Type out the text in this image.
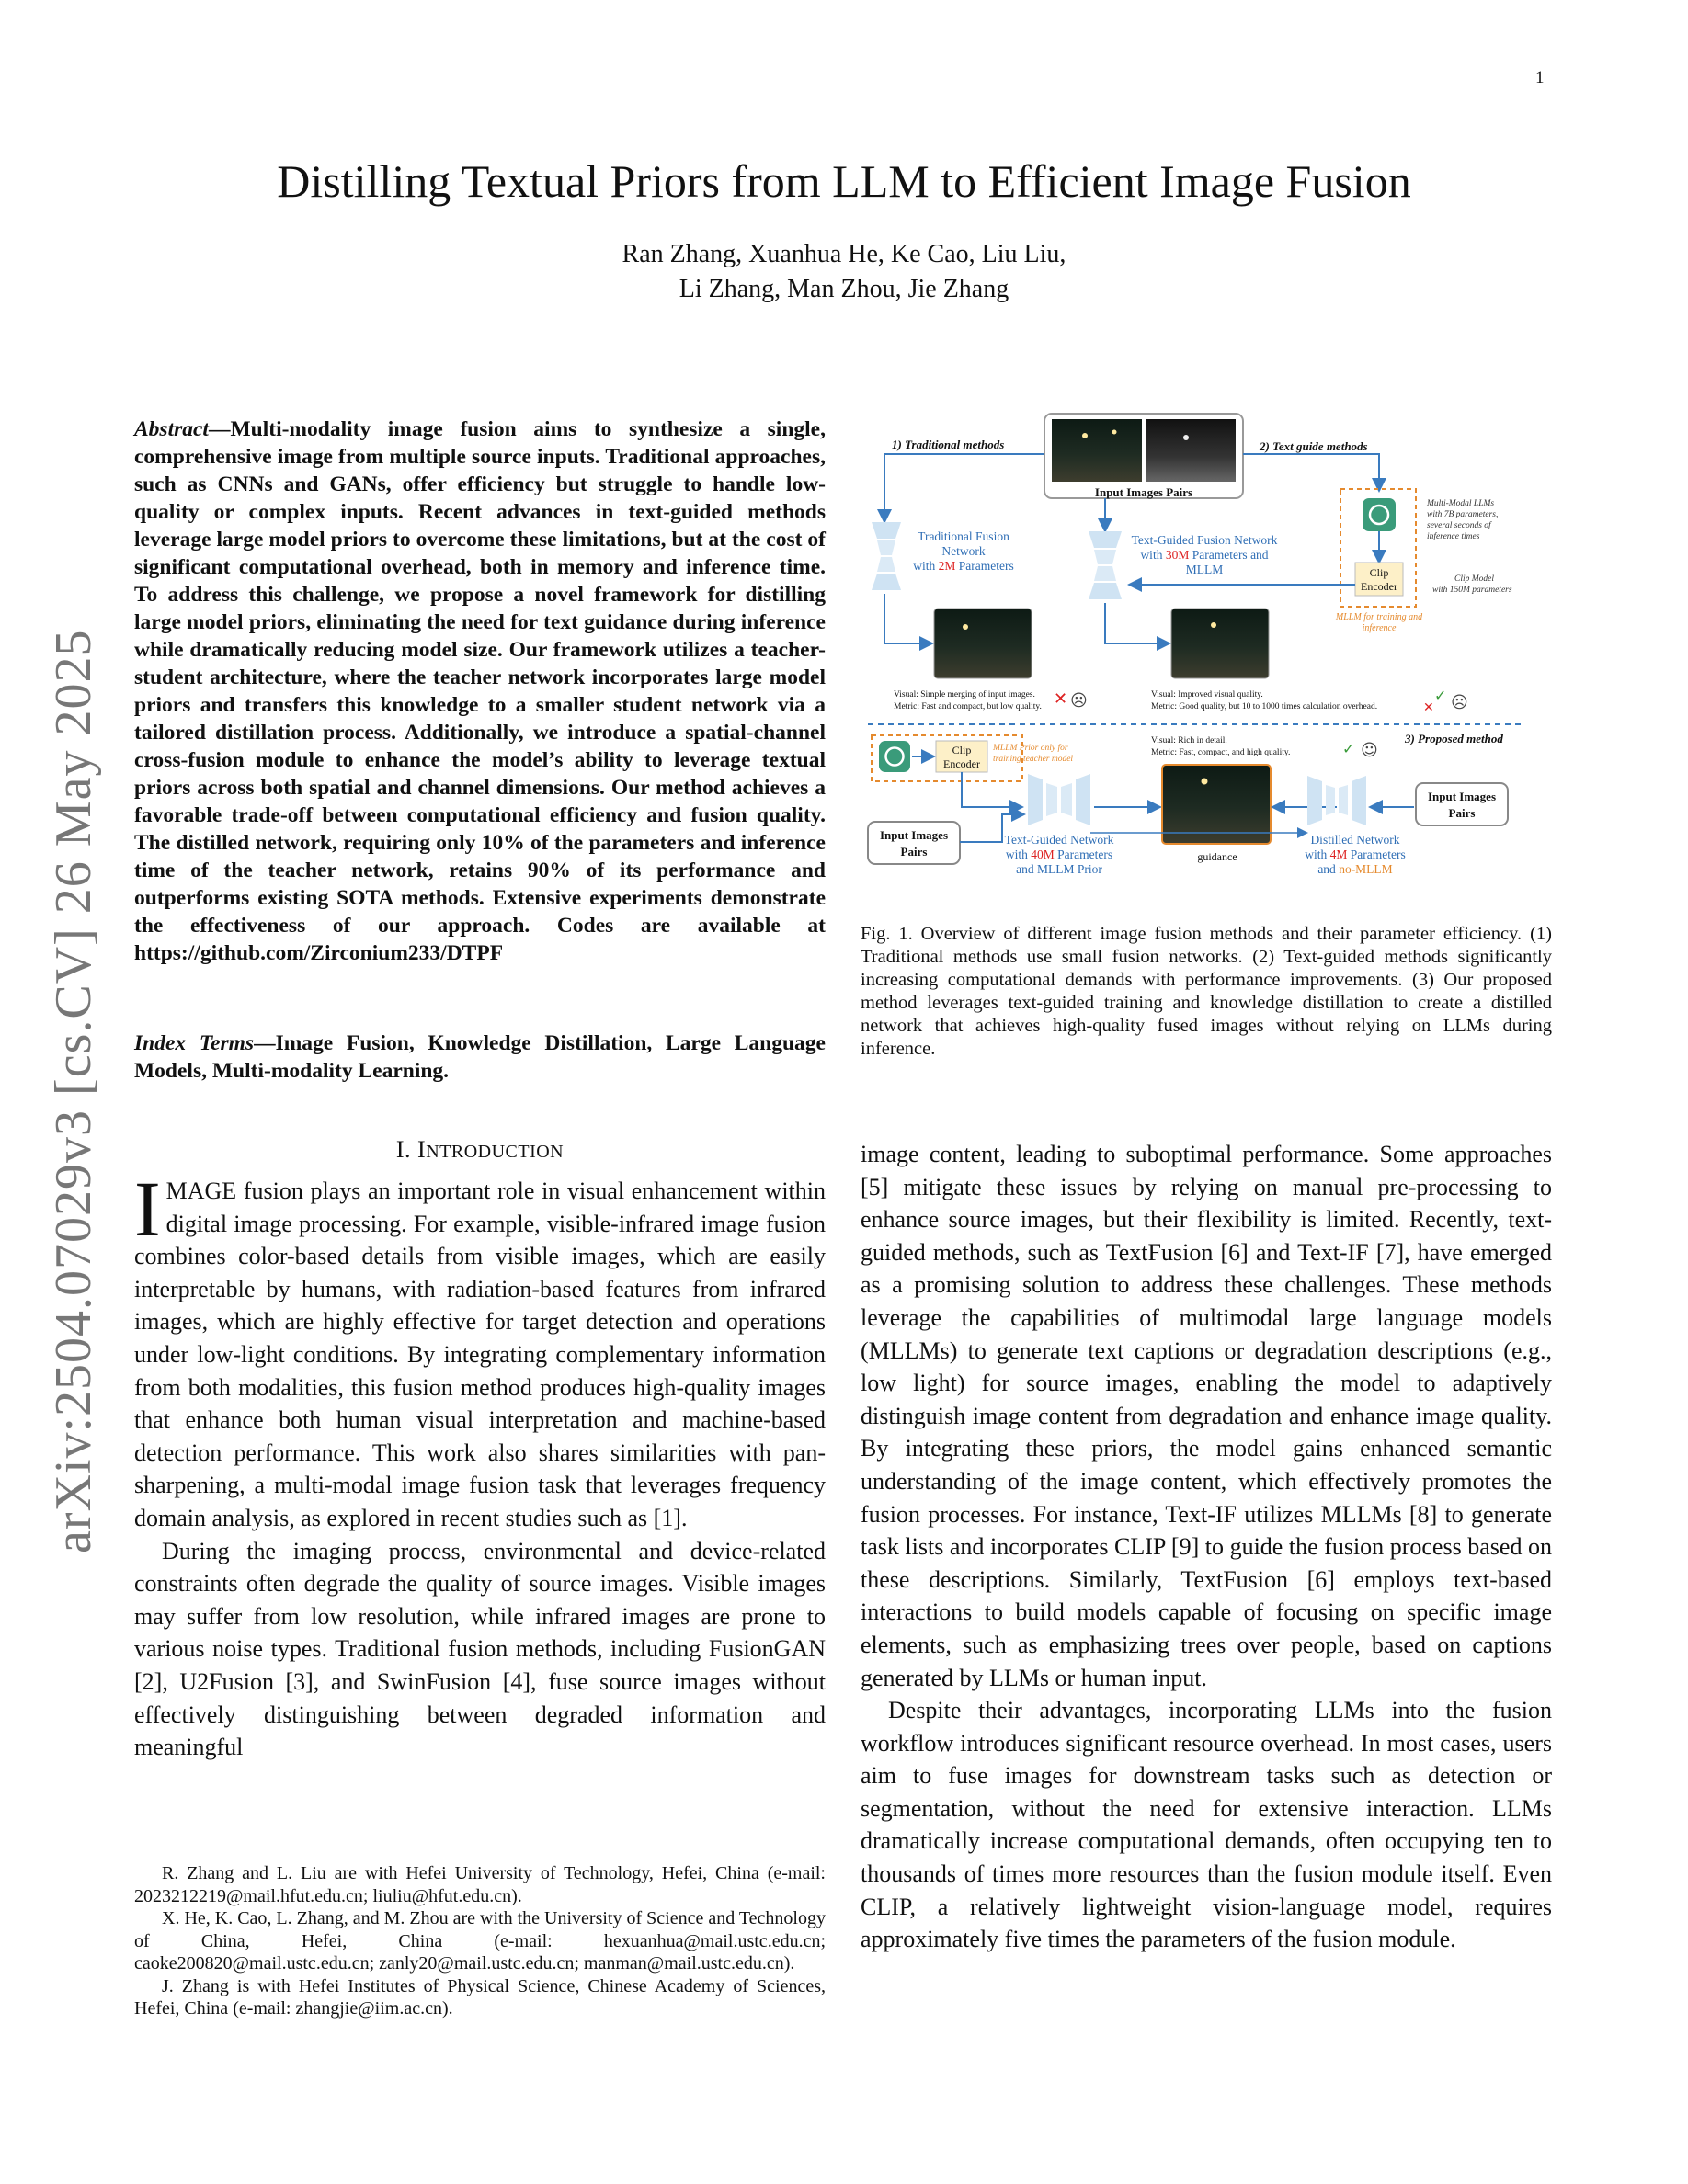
1
Distilling Textual Priors from LLM to Efficient Image Fusion
Ran Zhang, Xuanhua He, Ke Cao, Liu Liu,
Li Zhang, Man Zhou, Jie Zhang
arXiv:2504.07029v3 [cs.CV] 26 May 2025
Abstract—Multi-modality image fusion aims to synthesize a single, comprehensive image from multiple source inputs. Traditional approaches, such as CNNs and GANs, offer efficiency but struggle to handle low-quality or complex inputs. Recent advances in text-guided methods leverage large model priors to overcome these limitations, but at the cost of significant computational overhead, both in memory and inference time. To address this challenge, we propose a novel framework for distilling large model priors, eliminating the need for text guidance during inference while dramatically reducing model size. Our framework utilizes a teacher-student architecture, where the teacher network incorporates large model priors and transfers this knowledge to a smaller student network via a tailored distillation process. Additionally, we introduce a spatial-channel cross-fusion module to enhance the model’s ability to leverage textual priors across both spatial and channel dimensions. Our method achieves a favorable trade-off between computational efficiency and fusion quality. The distilled network, requiring only 10% of the parameters and inference time of the teacher network, retains 90% of its performance and outperforms existing SOTA methods. Extensive experiments demonstrate the effectiveness of our approach. Codes are available at https://github.com/Zirconium233/DTPF
Index Terms—Image Fusion, Knowledge Distillation, Large Language Models, Multi-modality Learning.
I. INTRODUCTION

IMAGE fusion plays an important role in visual enhancement within digital image processing. For example, visible-infrared image fusion combines color-based details from visible images, which are easily interpretable by humans, with radiation-based features from infrared images, which are highly effective for target detection and operations under low-light conditions. By integrating complementary information from both modalities, this fusion method produces high-quality images that enhance both human visual interpretation and machine-based detection performance. This work also shares similarities with pan-sharpening, a multi-modal image fusion task that leverages frequency domain analysis, as explored in recent studies such as [1].

During the imaging process, environmental and device-related constraints often degrade the quality of source images. Visible images may suffer from low resolution, while infrared images are prone to various noise types. Traditional fusion methods, including FusionGAN [2], U2Fusion [3], and SwinFusion [4], fuse source images without effectively distinguishing between degraded information and meaningful

R. Zhang and L. Liu are with Hefei University of Technology, Hefei, China (e-mail: 2023212219@mail.hfut.edu.cn; liuliu@hfut.edu.cn).

X. He, K. Cao, L. Zhang, and M. Zhou are with the University of Science and Technology of China, Hefei, China (e-mail: hexuanhua@mail.ustc.edu.cn; caoke200820@mail.ustc.edu.cn; zanly20@mail.ustc.edu.cn; manman@mail.ustc.edu.cn).

J. Zhang is with Hefei Institutes of Physical Science, Chinese Academy of Sciences, Hefei, China (e-mail: zhangjie@iim.ac.cn).

image content, leading to suboptimal performance. Some approaches [5] mitigate these issues by relying on manual pre-processing to enhance source images, but their flexibility is limited. Recently, text-guided methods, such as TextFusion [6] and Text-IF [7], have emerged as a promising solution to address these challenges. These methods leverage the capabilities of multimodal large language models (MLLMs) to generate text captions or degradation descriptions (e.g., low light) for source images, enabling the model to adaptively distinguish image content from degradation and enhance image quality. By integrating these priors, the model gains enhanced semantic understanding of the image content, which effectively promotes the fusion processes. For instance, Text-IF utilizes MLLMs [8] to generate task lists and incorporates CLIP [9] to guide the fusion process based on these descriptions. Similarly, TextFusion [6] employs text-based interactions to build models capable of focusing on specific image elements, such as emphasizing trees over people, based on captions generated by LLMs or human input.

Despite their advantages, incorporating LLMs into the fusion workflow introduces significant resource overhead. In most cases, users aim to fuse images for downstream tasks such as detection or segmentation, without the need for extensive interaction. LLMs dramatically increase computational demands, often occupying ten to thousands of times more resources than the fusion module itself. Even CLIP, a relatively lightweight vision-language model, requires approximately five times the parameters of the fusion module.

Fig. 1. Overview of different image fusion methods and their parameter efficiency. (1) Traditional methods use small fusion networks. (2) Text-guided methods significantly increasing computational demands with performance improvements. (3) Our proposed method leverages text-guided training and knowledge distillation to create a distilled network that achieves high-quality fused images without relying on LLMs during inference.
Input Images Pairs
1) Traditional methods	2) Text guide methods
Traditional Fusion
Network
with 2M Parameters
Text-Guided Fusion Network
with 30M Parameters and
MLLM	Clip
Encoder
Multi-Modal LLMs
with 7B parameters,
several seconds of
inference times
Clip Model
with 150M parameters
MLLM for training and
inference
Visual: Simple merging of input images.
Metric: Fast and compact, but low quality. ✕ ☹	Visual: Improved visual quality.
Metric: Good quality, but 10 to 1000 times calculation overhead.
✓
✕ ☹
3) Proposed method
Clip
Encoder
MLLM Prior only for
training teacher model
Visual: Rich in detail.
Metric: Fast, compact, and high quality.	✓ ☺
Input Images
Pairs
Input Images
Pairs
Text-Guided Network
with 40M Parameters
and MLLM Prior
guidance
Distilled Network
with 4M Parameters
and no-MLLM
